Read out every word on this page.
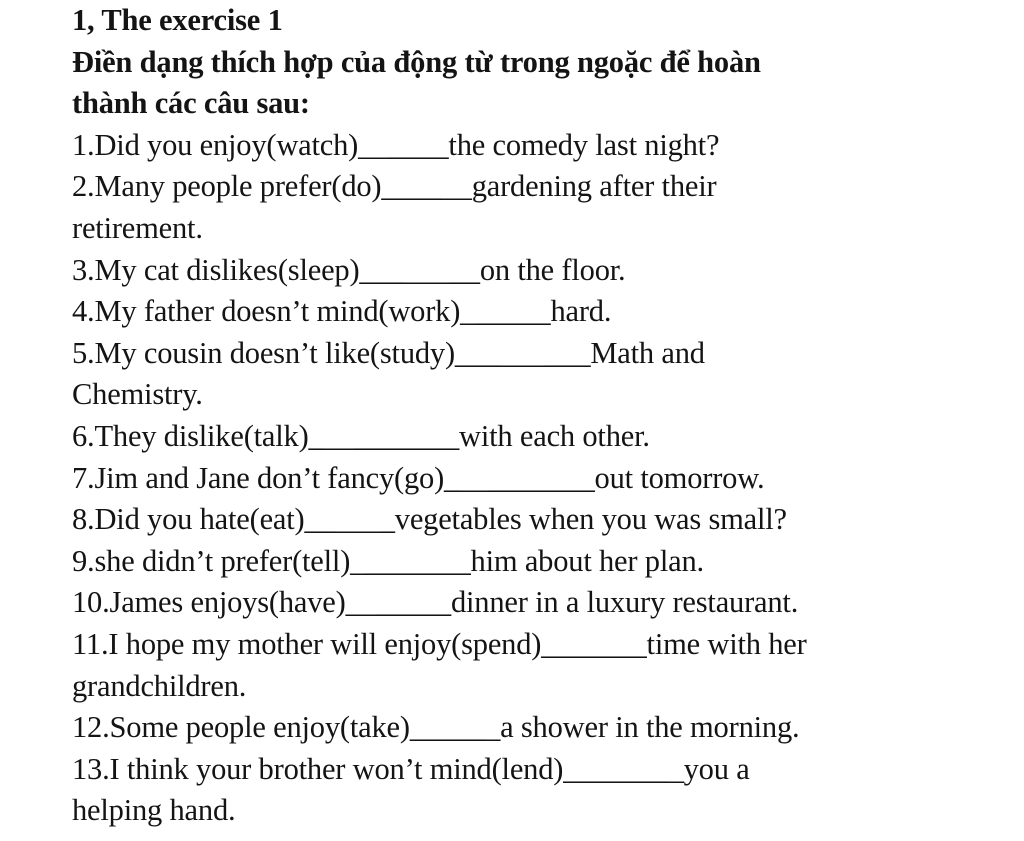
1, The exercise 1
Điền dạng thích hợp của động từ trong ngoặc để hoàn
thành các câu sau:
1.Did you enjoy(watch)______the comedy last night?
2.Many people prefer(do)______gardening after their
retirement.
3.My cat dislikes(sleep)________on the floor.
4.My father doesn’t mind(work)______hard.
5.My cousin doesn’t like(study)_________Math and
Chemistry.
6.They dislike(talk)__________with each other.
7.Jim and Jane don’t fancy(go)__________out tomorrow.
8.Did you hate(eat)______vegetables when you was small?
9.she didn’t prefer(tell)________him about her plan.
10.James enjoys(have)_______dinner in a luxury restaurant.
11.I hope my mother will enjoy(spend)_______time with her
grandchildren.
12.Some people enjoy(take)______a shower in the morning.
13.I think your brother won’t mind(lend)________you a
helping hand.
